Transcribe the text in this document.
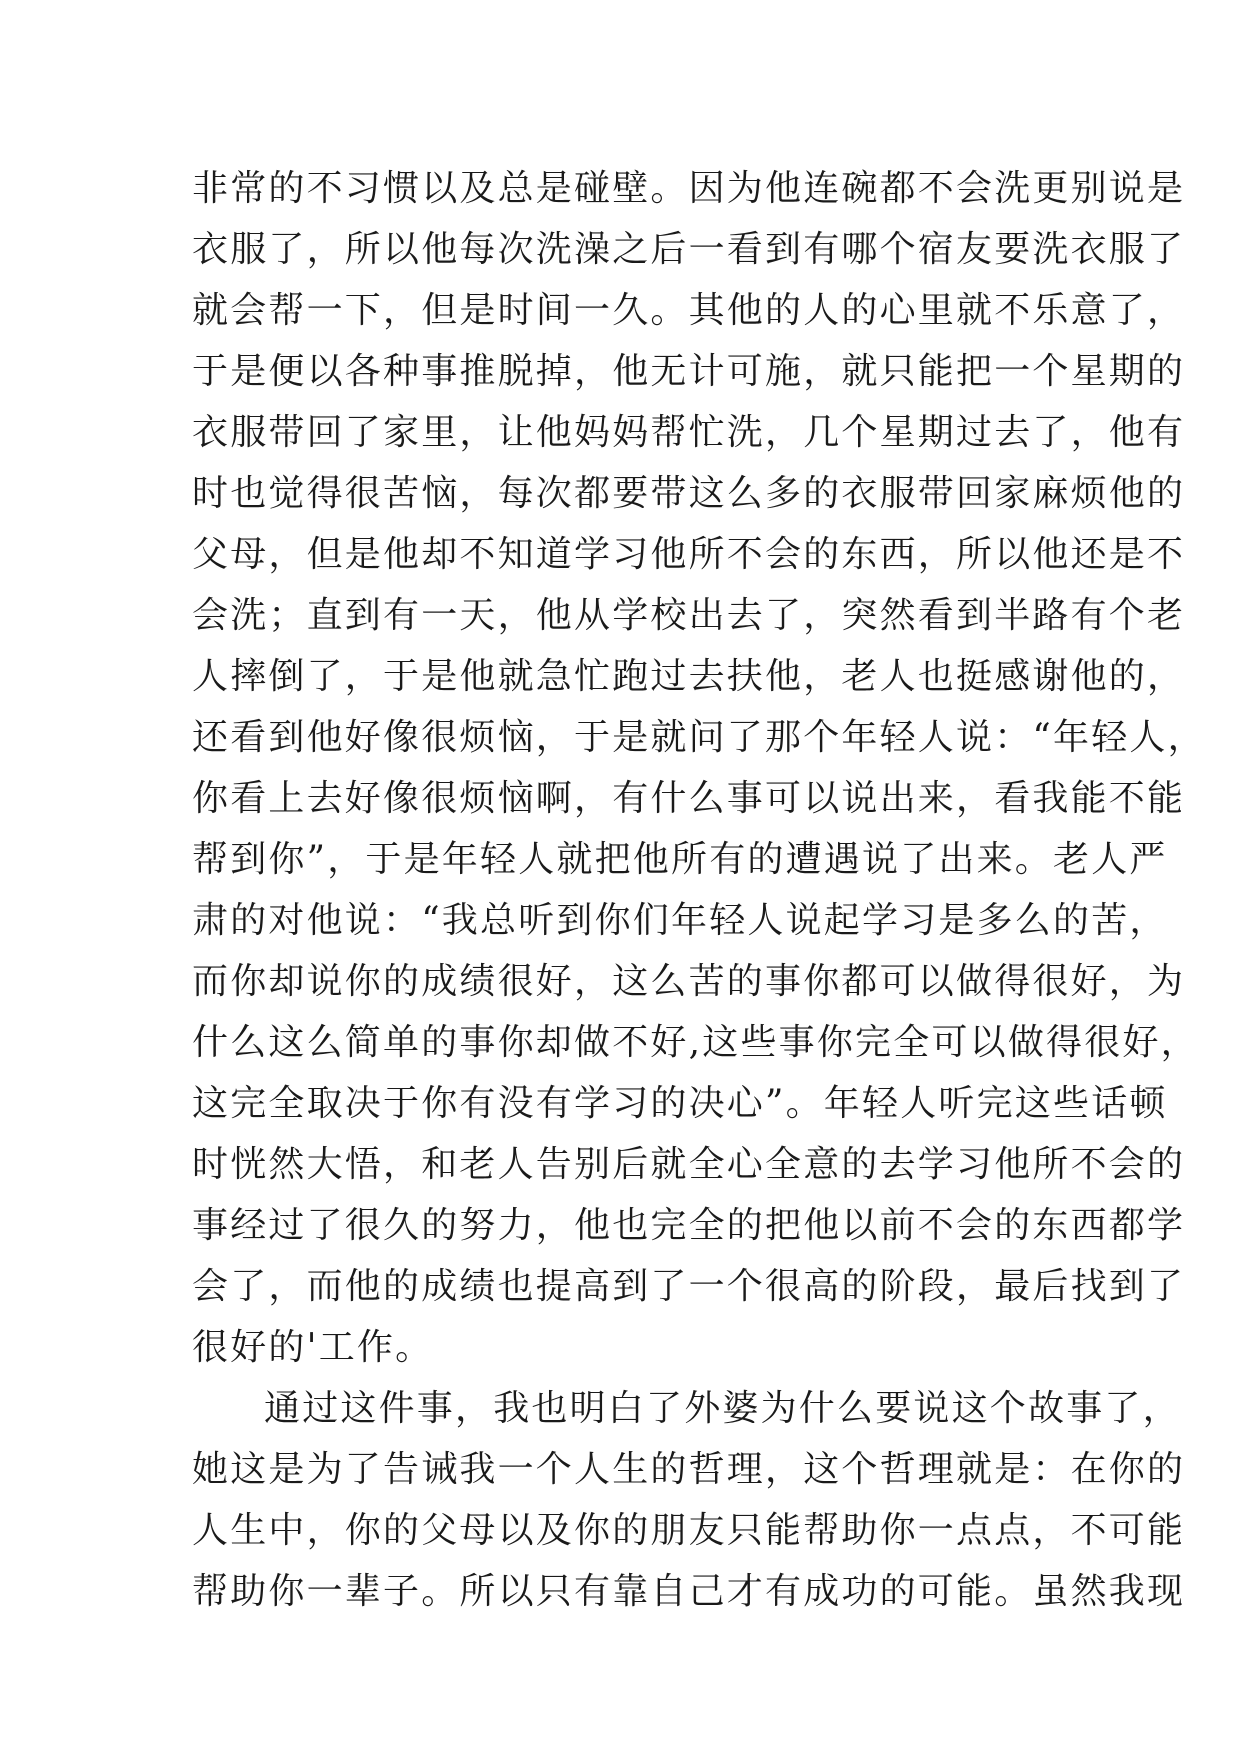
非常的不习惯以及总是碰壁。因为他连碗都不会洗更别说是
衣服了，所以他每次洗澡之后一看到有哪个宿友要洗衣服了
就会帮一下，但是时间一久。其他的人的心里就不乐意了，
于是便以各种事推脱掉，他无计可施，就只能把一个星期的
衣服带回了家里，让他妈妈帮忙洗，几个星期过去了，他有
时也觉得很苦恼，每次都要带这么多的衣服带回家麻烦他的
父母，但是他却不知道学习他所不会的东西，所以他还是不
会洗；直到有一天，他从学校出去了，突然看到半路有个老
人摔倒了，于是他就急忙跑过去扶他，老人也挺感谢他的，
还看到他好像很烦恼，于是就问了那个年轻人说：“年轻人，
你看上去好像很烦恼啊，有什么事可以说出来，看我能不能
帮到你”，于是年轻人就把他所有的遭遇说了出来。老人严
肃的对他说：“我总听到你们年轻人说起学习是多么的苦，
而你却说你的成绩很好，这么苦的事你都可以做得很好，为
什么这么简单的事你却做不好,这些事你完全可以做得很好，
这完全取决于你有没有学习的决心”。年轻人听完这些话顿
时恍然大悟，和老人告别后就全心全意的去学习他所不会的
事经过了很久的努力，他也完全的把他以前不会的东西都学
会了，而他的成绩也提高到了一个很高的阶段，最后找到了
很好的'工作。
通过这件事，我也明白了外婆为什么要说这个故事了，
她这是为了告诫我一个人生的哲理，这个哲理就是：在你的
人生中，你的父母以及你的朋友只能帮助你一点点，不可能
帮助你一辈子。所以只有靠自己才有成功的可能。虽然我现
